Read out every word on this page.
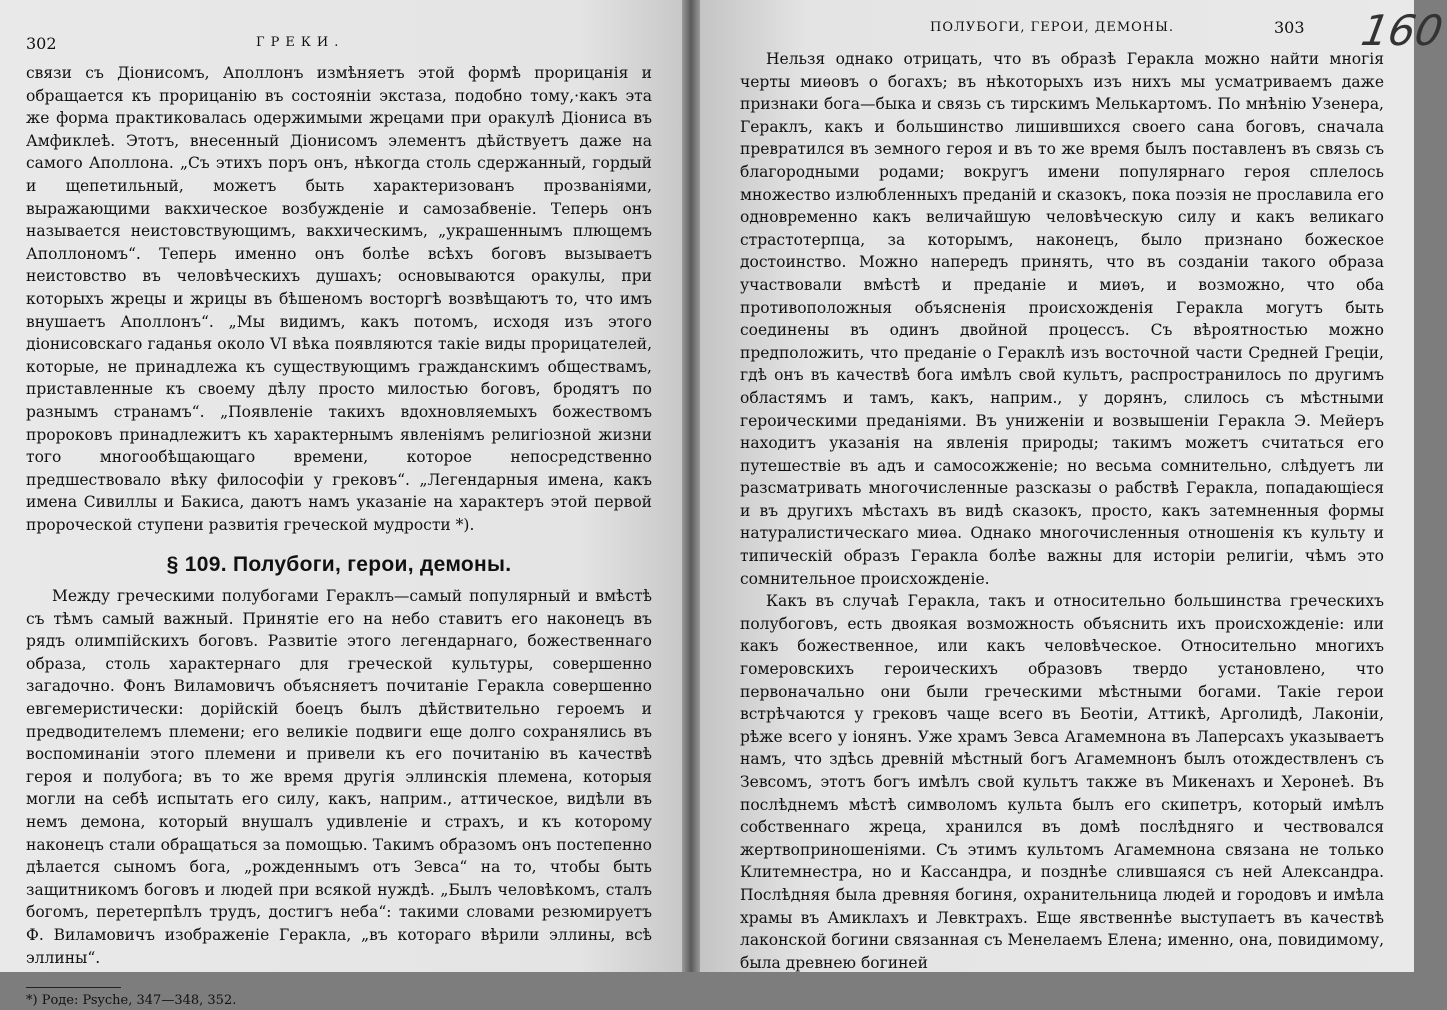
302	ГРЕКИ.

связи съ Діонисомъ, Аполлонъ измѣняетъ этой формѣ прорицанія и обращается къ прорицанію въ состояніи экстаза, подобно тому,·какъ эта же форма практиковалась одержимыми жрецами при оракулѣ Діониса въ Амфиклеѣ. Этотъ, внесенный Діонисомъ элементъ дѣйствуетъ даже на самого Аполлона. „Съ этихъ поръ онъ, нѣкогда столь сдержанный, гордый и щепетильный, можетъ быть характеризованъ прозваніями, выражающими вакхическое возбужденіе и самозабвеніе. Теперь онъ называется неистовствующимъ, вакхическимъ, „украшеннымъ плющемъ Аполлономъ“. Теперь именно онъ болѣе всѣхъ боговъ вызываетъ неистовство въ человѣческихъ душахъ; основываются оракулы, при которыхъ жрецы и жрицы въ бѣшеномъ восторгѣ возвѣщаютъ то, что имъ внушаетъ Аполлонъ“. „Мы видимъ, какъ потомъ, исходя изъ этого діонисовскаго гаданья около VI вѣка появляются такіе виды прорицателей, которые, не принадлежа къ существующимъ гражданскимъ обществамъ, приставленные къ своему дѣлу просто милостью боговъ, бродятъ по разнымъ странамъ“. „Появленіе такихъ вдохновляемыхъ божествомъ пророковъ принадлежитъ къ характернымъ явленіямъ религіозной жизни того многообѣщающаго времени, которое непосредственно предшествовало вѣку философіи у грековъ“. „Легендарныя имена, какъ имена Сивиллы и Бакиса, даютъ намъ указаніе на характеръ этой первой пророческой ступени развитія греческой мудрости *).

§ 109. Полубоги, герои, демоны.

Между греческими полубогами Гераклъ—самый популярный и вмѣстѣ съ тѣмъ самый важный. Принятіе его на небо ставитъ его наконецъ въ рядъ олимпійскихъ боговъ. Развитіе этого легендарнаго, божественнаго образа, столь характернаго для греческой культуры, совершенно загадочно. Фонъ Виламовичъ объясняетъ почитаніе Геракла совершенно евгемеристически: дорійскій боецъ былъ дѣйствительно героемъ и предводителемъ племени; его великіе подвиги еще долго сохранялись въ воспоминаніи этого племени и привели къ его почитанію въ качествѣ героя и полубога; въ то же время другія эллинскія племена, которыя могли на себѣ испытать его силу, какъ, наприм., аттическое, видѣли въ немъ демона, который внушалъ удивленіе и страхъ, и къ которому наконецъ стали обращаться за помощью. Такимъ образомъ онъ постепенно дѣлается сыномъ бога, „рожденнымъ отъ Зевса“ на то, чтобы быть защитникомъ боговъ и людей при всякой нуждѣ. „Былъ человѣкомъ, сталъ богомъ, перетерпѣлъ трудъ, достигъ неба“: такими словами резюмируетъ Ф. Виламовичъ изображеніе Геракла, „въ котораго вѣрили эллины, всѣ эллины“.

*) Роде: Psyche, 347—348, 352.
ПОЛУБОГИ, ГЕРОИ, ДЕМОНЫ.	303 160

Нельзя однако отрицать, что въ образѣ Геракла можно найти многія черты миѳовъ о богахъ; въ нѣкоторыхъ изъ нихъ мы усматриваемъ даже признаки бога—быка и связь съ тирскимъ Мелькартомъ. По мнѣнію Узенера, Гераклъ, какъ и большинство лишившихся своего сана боговъ, сначала превратился въ земного героя и въ то же время былъ поставленъ въ связь съ благородными родами; вокругъ имени популярнаго героя сплелось множество излюбленныхъ преданій и сказокъ, пока поэзія не прославила его одновременно какъ величайшую человѣческую силу и какъ великаго страстотерпца, за которымъ, наконецъ, было признано божеское достоинство. Можно напередъ принять, что въ созданіи такого образа участвовали вмѣстѣ и преданіе и миѳъ, и возможно, что оба противоположныя объясненія происхожденія Геракла могутъ быть соединены въ одинъ двойной процессъ. Съ вѣроятностью можно предположить, что преданіе о Гераклѣ изъ восточной части Средней Греціи, гдѣ онъ въ качествѣ бога имѣлъ свой культъ, распространилось по другимъ областямъ и тамъ, какъ, наприм., у дорянъ, слилось съ мѣстными героическими преданіями. Въ униженіи и возвышеніи Геракла Э. Мейеръ находитъ указанія на явленія природы; такимъ можетъ считаться его путешествіе въ адъ и самосожженіе; но весьма сомнительно, слѣдуетъ ли разсматривать многочисленные разсказы о рабствѣ Геракла, попадающіеся и въ другихъ мѣстахъ въ видѣ сказокъ, просто, какъ затемненныя формы натуралистическаго миѳа. Однако многочисленныя отношенія къ культу и типическій образъ Геракла болѣе важны для исторіи религіи, чѣмъ это сомнительное происхожденіе.

Какъ въ случаѣ Геракла, такъ и относительно большинства греческихъ полубоговъ, есть двоякая возможность объяснить ихъ происхожденіе: или какъ божественное, или какъ человѣческое. Относительно многихъ гомеровскихъ героическихъ образовъ твердо установлено, что первоначально они были греческими мѣстными богами. Такіе герои встрѣчаются у грековъ чаще всего въ Беотіи, Аттикѣ, Арголидѣ, Лаконіи, рѣже всего у іонянъ. Уже храмъ Зевса Агамемнона въ Лаперсахъ указываетъ намъ, что здѣсь древній мѣстный богъ Агамемнонъ былъ отождествленъ съ Зевсомъ, этотъ богъ имѣлъ свой культъ также въ Микенахъ и Херонеѣ. Въ послѣднемъ мѣстѣ символомъ культа былъ его скипетръ, который имѣлъ собственнаго жреца, хранился въ домѣ послѣдняго и чествовался жертвоприношеніями. Съ этимъ культомъ Агамемнона связана не только Клитемнестра, но и Кассандра, и позднѣе слившаяся съ ней Александра. Послѣдняя была древняя богиня, охранительница людей и городовъ и имѣла храмы въ Амиклахъ и Левктрахъ. Еще явственнѣе выступаетъ въ качествѣ лаконской богини связанная съ Менелаемъ Елена; именно, она, повидимому, была древнею богиней
